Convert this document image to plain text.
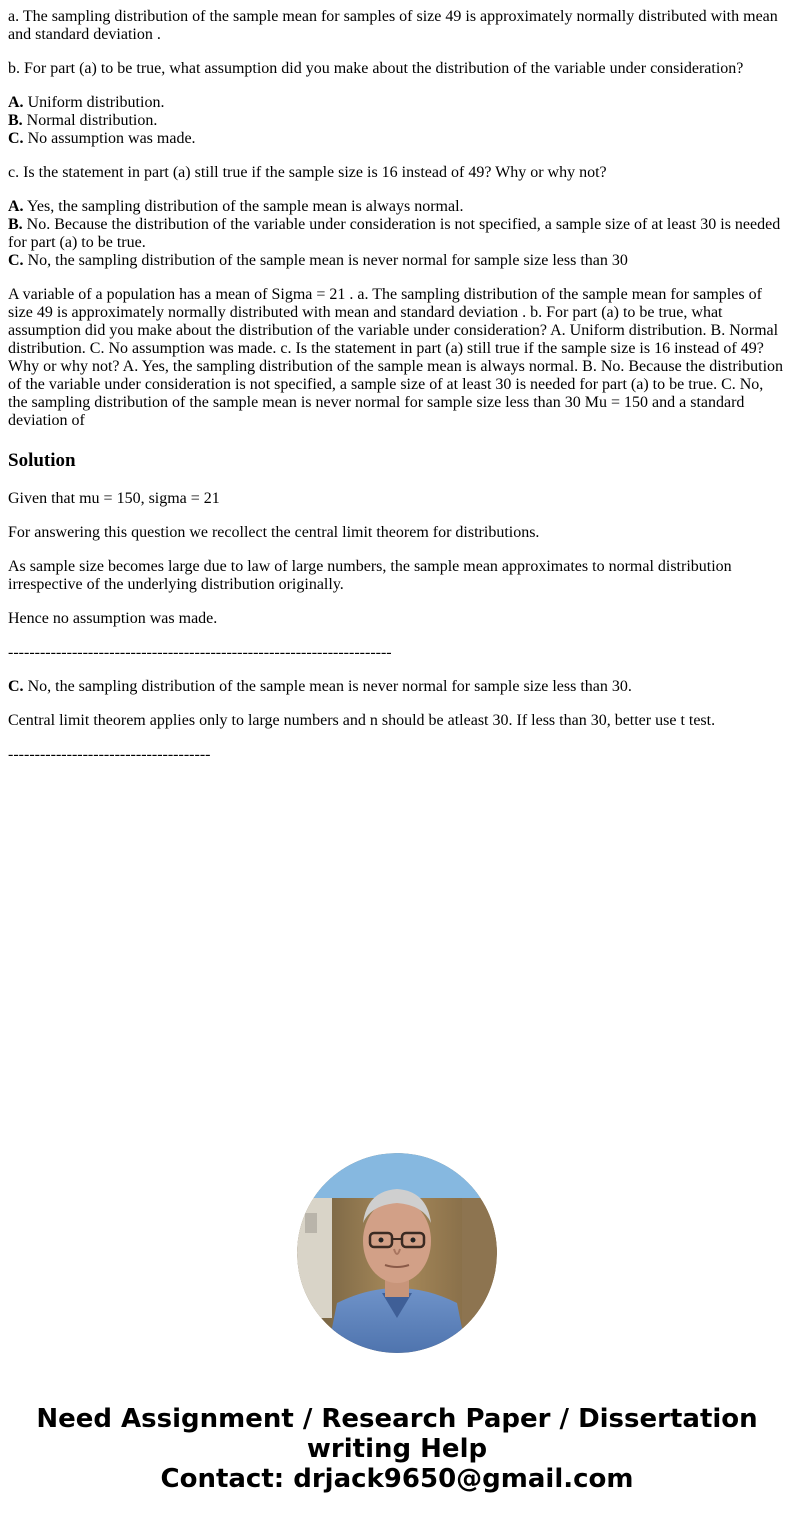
a. The sampling distribution of the sample mean for samples of size 49 is approximately normally distributed with mean and standard deviation .

b. For part (a) to be true, what assumption did you make about the distribution of the variable under consideration?

A. Uniform distribution.
B. Normal distribution.
C. No assumption was made.

c. Is the statement in part (a) still true if the sample size is 16 instead of 49? Why or why not?

A. Yes, the sampling distribution of the sample mean is always normal.
B. No. Because the distribution of the variable under consideration is not specified, a sample size of at least 30 is needed for part (a) to be true.
C. No, the sampling distribution of the sample mean is never normal for sample size less than 30

A variable of a population has a mean of Sigma = 21 . a. The sampling distribution of the sample mean for samples of size 49 is approximately normally distributed with mean and standard deviation . b. For part (a) to be true, what assumption did you make about the distribution of the variable under consideration? A. Uniform distribution. B. Normal distribution. C. No assumption was made. c. Is the statement in part (a) still true if the sample size is 16 instead of 49? Why or why not? A. Yes, the sampling distribution of the sample mean is always normal. B. No. Because the distribution of the variable under consideration is not specified, a sample size of at least 30 is needed for part (a) to be true. C. No, the sampling distribution of the sample mean is never normal for sample size less than 30 Mu = 150 and a standard deviation of

Solution

Given that mu = 150, sigma = 21

For answering this question we recollect the central limit theorem for distributions.

As sample size becomes large due to law of large numbers, the sample mean approximates to normal distribution irrespective of the underlying distribution originally.

Hence no assumption was made.

------------------------------------------------------------------------

C. No, the sampling distribution of the sample mean is never normal for sample size less than 30.

Central limit theorem applies only to large numbers and n should be atleast 30. If less than 30, better use t test.

--------------------------------------

Need Assignment / Research Paper / Dissertation
writing Help
Contact: drjack9650@gmail.com
